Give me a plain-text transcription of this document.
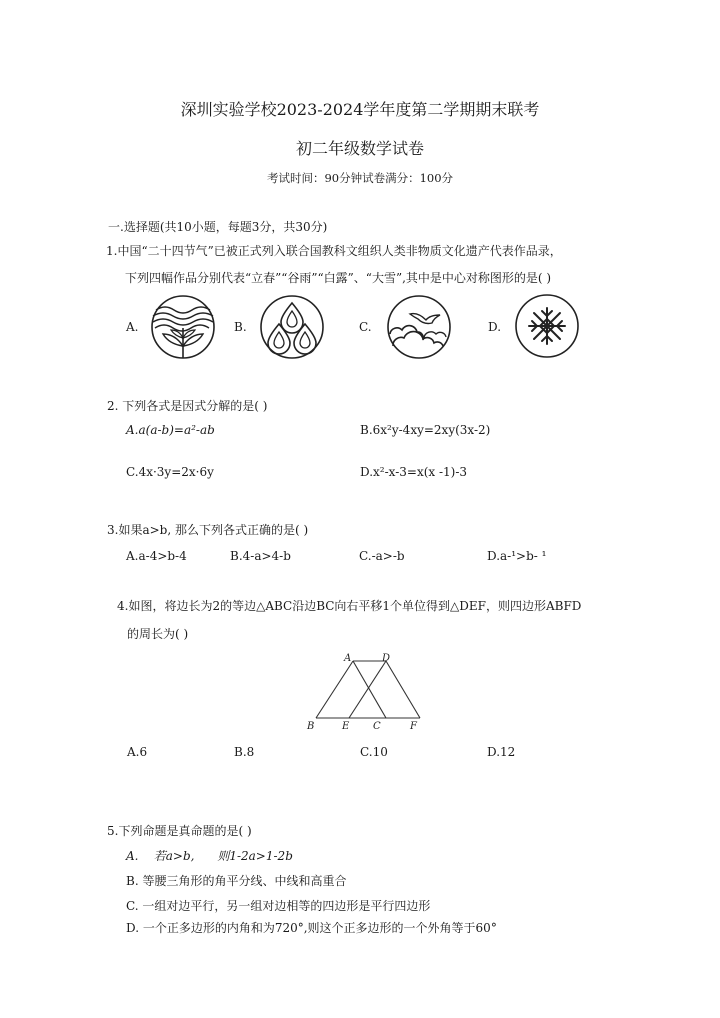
深圳实验学校2023-2024学年度第二学期期末联考
初二年级数学试卷
考试时间：90分钟试卷满分：100分
一.选择题(共10小题，每题3分，共30分)
1.中国“二十四节气”已被正式列入联合国教科文组织人类非物质文化遗产代表作品录，
下列四幅作品分别代表“立春”“谷雨”“白露”、“大雪”,其中是中心对称图形的是( )
A.	B.	C.	D.
2. 下列各式是因式分解的是( )
A.a(a-b)=a²-ab	B.6x²y-4xy=2xy(3x-2)
C.4x·3y=2x·6y	D.x²-x-3=x(x -1)-3
3.如果a>b, 那么下列各式正确的是( )
A.a-4>b-4	B.4-a>4-b	C.-a>-b	D.a-¹>b- ¹
4.如图，将边长为2的等边△ABC沿边BC向右平移1个单位得到△DEF，则四边形ABFD
的周长为( )
A	D
B	E C	F
A.6	B.8	C.10	D.12
5.下列命题是真命题的是( )
A.    若a>b,      则1-2a>1-2b
B. 等腰三角形的角平分线、中线和高重合
C. 一组对边平行，另一组对边相等的四边形是平行四边形
D. 一个正多边形的内角和为720°,则这个正多边形的一个外角等于60°
